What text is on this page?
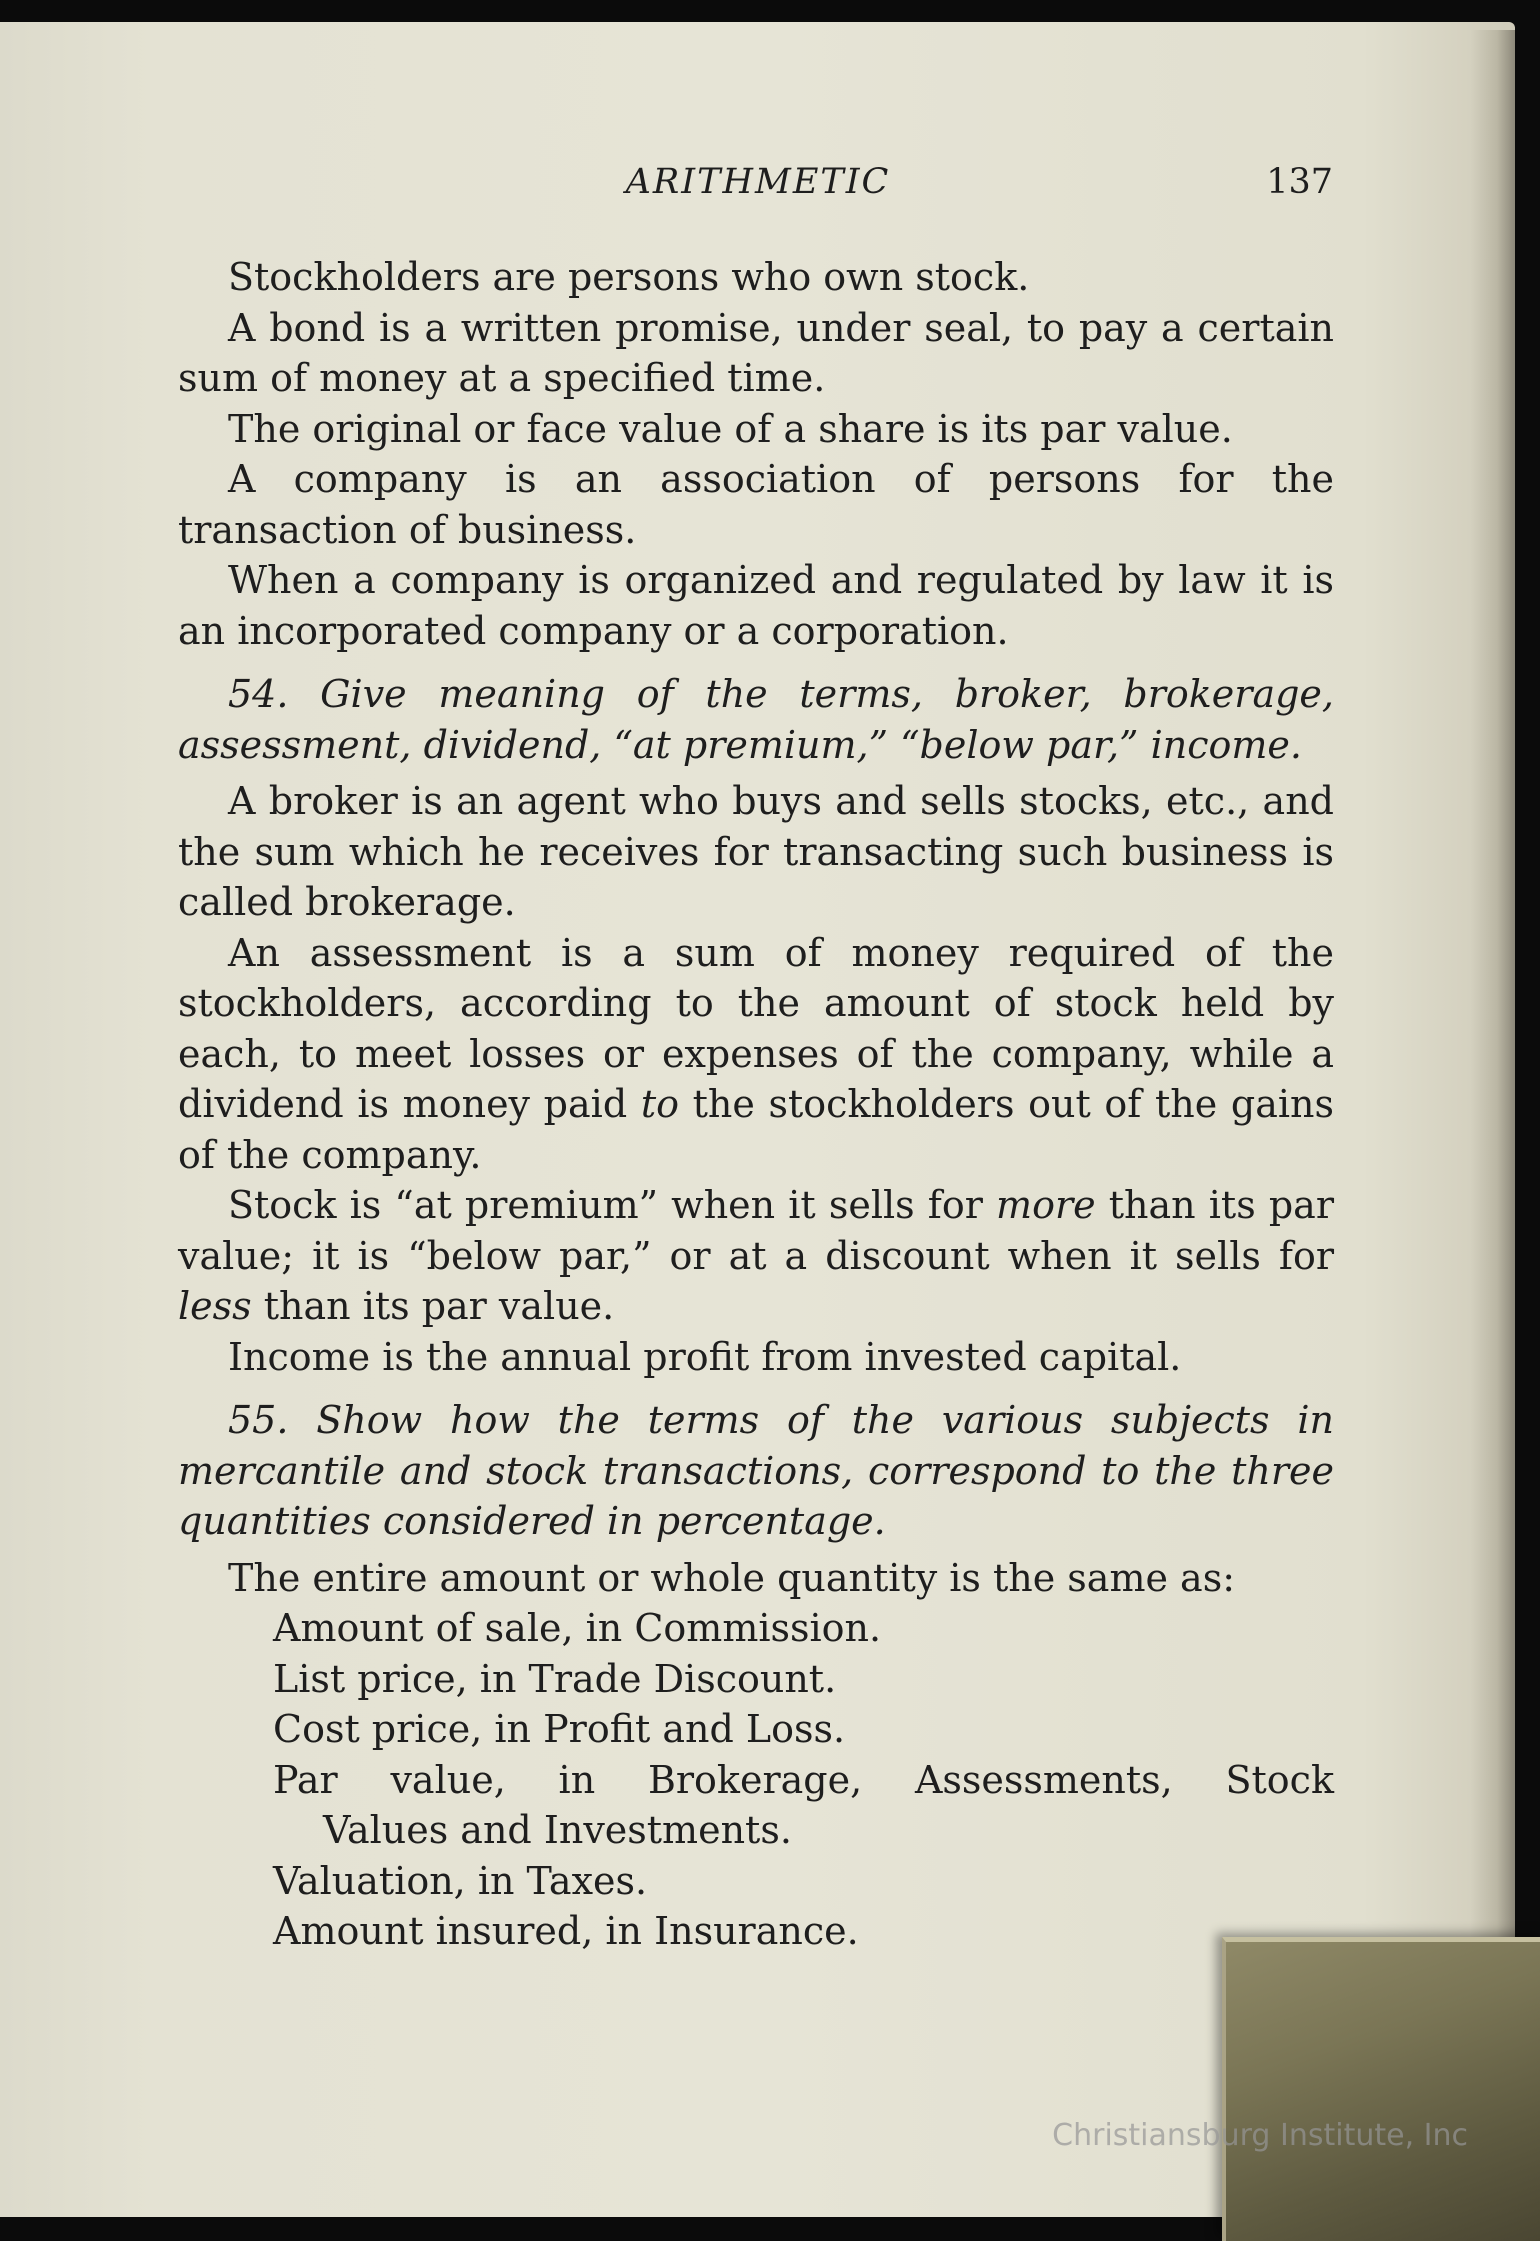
ARITHMETIC	137

Stockholders are persons who own stock.

A bond is a written promise, under seal, to pay a certain sum of money at a specified time.

The original or face value of a share is its par value.

A company is an association of persons for the transaction of business.

When a company is organized and regulated by law it is an incorporated company or a corporation.

54. Give meaning of the terms, broker, brokerage, assessment, dividend, “at premium,” “below par,” income.

A broker is an agent who buys and sells stocks, etc., and the sum which he receives for transacting such business is called brokerage.

An assessment is a sum of money required of the stockholders, according to the amount of stock held by each, to meet losses or expenses of the company, while a dividend is money paid to the stockholders out of the gains of the company.

Stock is “at premium” when it sells for more than its par value; it is “below par,” or at a discount when it sells for less than its par value.

Income is the annual profit from invested capital.

55. Show how the terms of the various subjects in mercantile and stock transactions, correspond to the three quantities considered in percentage.

The entire amount or whole quantity is the same as:

Amount of sale, in Commission.

List price, in Trade Discount.

Cost price, in Profit and Loss.

Par value, in Brokerage, Assessments, Stock

Values and Investments.

Valuation, in Taxes.

Amount insured, in Insurance.

Christiansburg Institute, Inc
